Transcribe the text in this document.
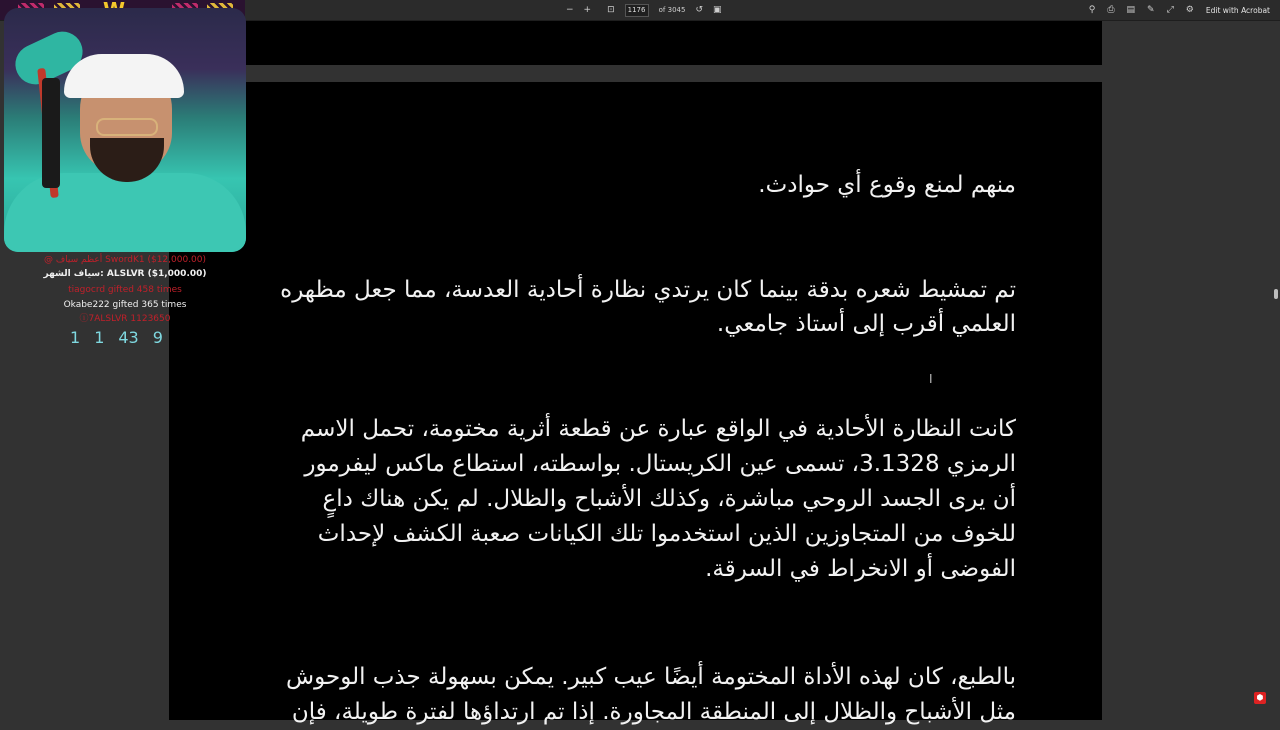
− + ⊡
1176	of 3045 ↺ ▣	⚲ ⎙ ▤ ✎ ⤢ ⚙ Edit with Acrobat
منهم لمنع وقوع أي حوادث.
تم تمشيط شعره بدقة بينما كان يرتدي نظارة أحادية العدسة، مما جعل مظهره
العلمي أقرب إلى أستاذ جامعي.
كانت النظارة الأحادية في الواقع عبارة عن قطعة أثرية مختومة، تحمل الاسم
الرمزي 3.1328، تسمى عين الكريستال. بواسطته، استطاع ماكس ليفرمور
أن يرى الجسد الروحي مباشرة، وكذلك الأشباح والظلال. لم يكن هناك داعٍ
للخوف من المتجاوزين الذين استخدموا تلك الكيانات صعبة الكشف لإحداث
الفوضى أو الانخراط في السرقة.
بالطبع، كان لهذه الأداة المختومة أيضًا عيب كبير. يمكن بسهولة جذب الوحوش
مثل الأشباح والظلال إلى المنطقة المجاورة. إذا تم ارتداؤها لفترة طويلة، فإن
I
⬢
@ أعظم سياف SwordK1 ($12,000.00)
سياف الشهر: ALSLVR ($1,000.00)
tiagocrd gifted 458 times
Okabe222 gifted 365 times
ⓘ7ALSLVR 1123650
1 1 43 9
